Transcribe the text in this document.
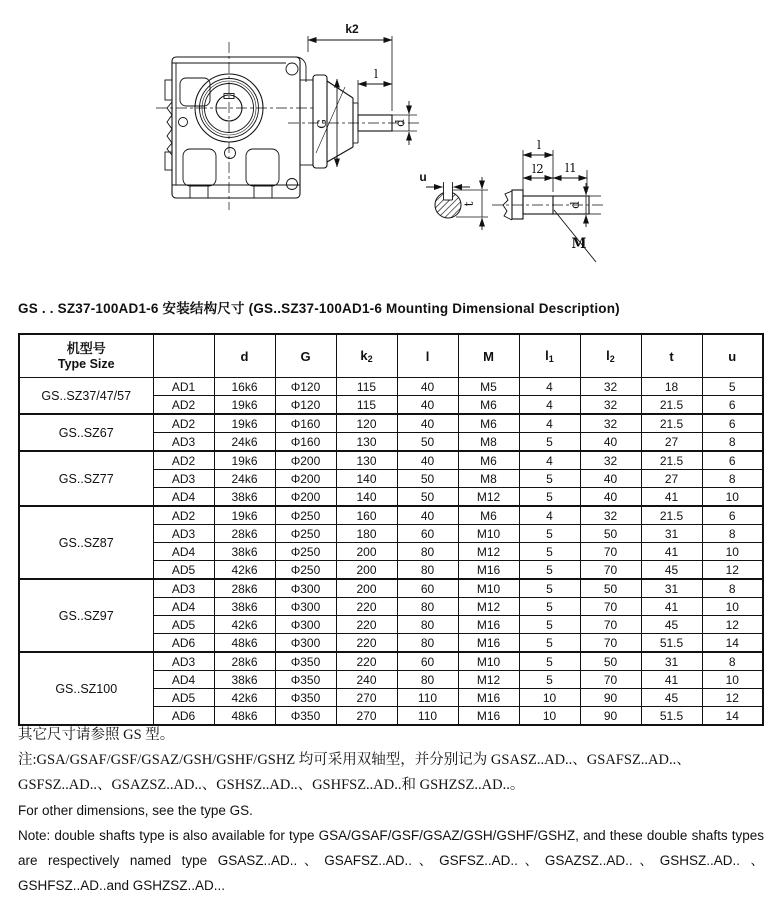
k2
l
d
G
u
t
l
l2 l1
d
M
GS . . SZ37-100AD1-6 安装结构尺寸 (GS..SZ37-100AD1-6 Mounting Dimensional Description)
机型号
Type Size		d	G	$k_2$	l	M	$l_1$	$l_2$	t	u
GS..SZ37/47/57	AD1	16k6	Φ120	115	40	M5	4	32	18	5
	AD2	19k6	Φ120	115	40	M6	4	32	21.5	6
GS..SZ67	AD2	19k6	Φ160	120	40	M6	4	32	21.5	6
	AD3	24k6	Φ160	130	50	M8	5	40	27	8
GS..SZ77	AD2	19k6	Φ200	130	40	M6	4	32	21.5	6
	AD3	24k6	Φ200	140	50	M8	5	40	27	8
	AD4	38k6	Φ200	140	50	M12	5	40	41	10
GS..SZ87	AD2	19k6	Φ250	160	40	M6	4	32	21.5	6
	AD3	28k6	Φ250	180	60	M10	5	50	31	8
	AD4	38k6	Φ250	200	80	M12	5	70	41	10
	AD5	42k6	Φ250	200	80	M16	5	70	45	12
GS..SZ97	AD3	28k6	Φ300	200	60	M10	5	50	31	8
	AD4	38k6	Φ300	220	80	M12	5	70	41	10
	AD5	42k6	Φ300	220	80	M16	5	70	45	12
	AD6	48k6	Φ300	220	80	M16	5	70	51.5	14
GS..SZ100	AD3	28k6	Φ350	220	60	M10	5	50	31	8
	AD4	38k6	Φ350	240	80	M12	5	70	41	10
	AD5	42k6	Φ350	270	110	M16	10	90	45	12
	AD6	48k6	Φ350	270	110	M16	10	90	51.5	14

其它尺寸请参照 GS 型。

注:GSA/GSAF/GSF/GSAZ/GSH/GSHF/GSHZ 均可采用双轴型，并分别记为 GSASZ..AD..、GSAFSZ..AD..、GSFSZ..AD..、GSAZSZ..AD..、GSHSZ..AD..、GSHFSZ..AD..和 GSHZSZ..AD..。

For other dimensions, see the type GS.

Note: double shafts type is also available for type GSA/GSAF/GSF/GSAZ/GSH/GSHF/GSHZ, and these double shafts types are respectively named type GSASZ..AD..、GSAFSZ..AD..、GSFSZ..AD..、GSAZSZ..AD..、GSHSZ..AD.. 、GSHFSZ..AD..and GSHZSZ..AD...
